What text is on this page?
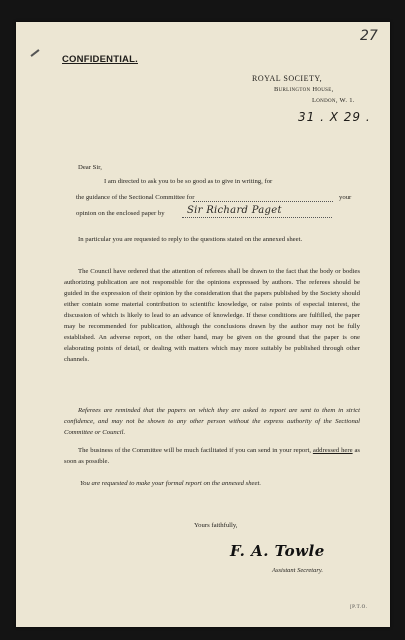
27
CONFIDENTIAL.
ROYAL SOCIETY,
Burlington House,
London, W. 1.
31 . X 29 .
Dear Sir,
I am directed to ask you to be so good as to give in writing, for
the guidance of the Sectional Committee for	your
opinion on the enclosed paper by Sir Richard Paget
In particular you are requested to reply to the questions stated on the annexed sheet.
The Council have ordered that the attention of referees shall be drawn to the fact that the body or bodies authorizing publication are not responsible for the opinions expressed by authors. The referees should be guided in the expression of their opinion by the consideration that the papers published by the Society should either contain some material contribution to scientific knowledge, or raise points of especial interest, the discussion of which is likely to lead to an advance of knowledge. If these conditions are fulfilled, the paper may be recommended for publication, although the conclusions drawn by the author may not be fully established. An adverse report, on the other hand, may be given on the ground that the paper is one elaborating points of detail, or dealing with matters which may more suitably be published through other channels.
Referees are reminded that the papers on which they are asked to report are sent to them in strict confidence, and may not be shown to any other person without the express authority of the Sectional Committee or Council.
The business of the Committee will be much facilitated if you can send in your report, addressed here as soon as possible.
You are requested to make your formal report on the annexed sheet.
Yours faithfully,
F. A. Towle
Assistant Secretary.
[P.T.O.
